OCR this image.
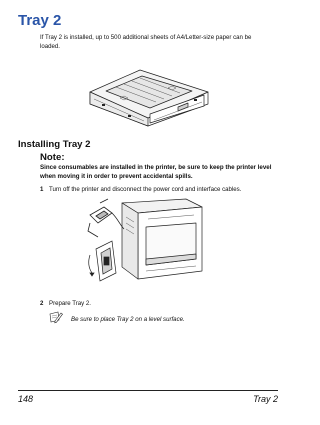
Tray 2
If Tray 2 is installed, up to 500 additional sheets of A4/Letter-size paper can be loaded.
Installing Tray 2
Note:
Since consumables are installed in the printer, be sure to keep the printer level when moving it in order to prevent accidental spills.
1 Turn off the printer and disconnect the power cord and interface cables.
2 Prepare Tray 2.
Be sure to place Tray 2 on a level surface.
148	Tray 2
